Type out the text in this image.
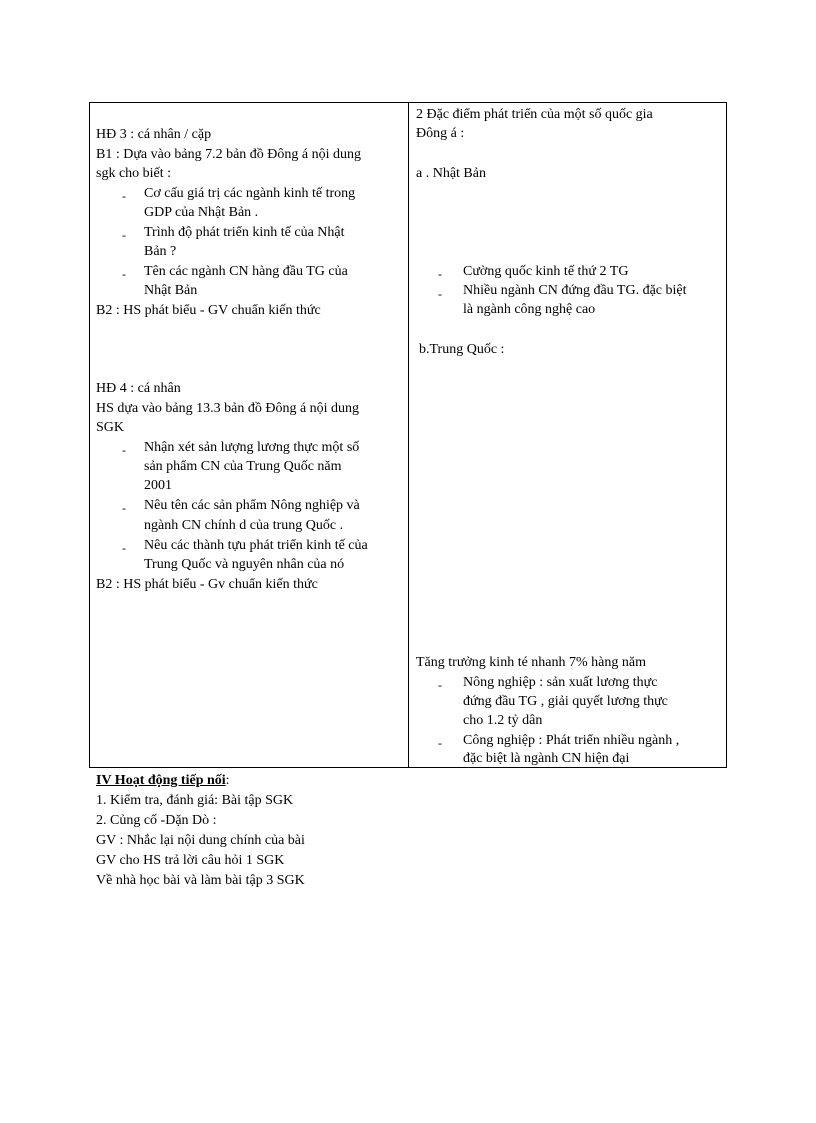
HĐ 3 : cá nhân / cặp
B1 : Dựa vào bảng 7.2 bản đồ Đông á nội dung
sgk cho biết :
- Cơ cấu giá trị các ngành kinh tế trong
GDP của Nhật Bản .
- Trình độ phát triển kinh tế của Nhật
Bản ?
- Tên các ngành CN hàng đầu TG của
Nhật Bản
B2 : HS phát biểu - GV chuẩn kiến thức
HĐ 4 : cá nhân
HS dựa vào bảng 13.3 bản đồ Đông á nội dung
SGK
- Nhận xét sản lượng lương thực một số
sản phẩm CN của Trung Quốc năm
2001
- Nêu tên các sản phẩm Nông nghiệp và
ngành CN chính d của trung Quốc .
- Nêu các thành tựu phát triển kinh tế của
Trung Quốc và nguyên nhân của nó
B2 : HS phát biểu - Gv chuẩn kiến thức
2 Đặc điểm phát triển của một số quốc gia
Đông á :
a . Nhật Bản
- Cường quốc kinh tế thứ 2 TG
- Nhiều ngành CN đứng đầu TG. đặc biệt
là ngành công nghệ cao
b.Trung Quốc :
Tăng trưởng kinh té nhanh 7% hàng năm
- Nông nghiệp : sản xuất lương thực
đứng đầu TG , giải quyết lương thực
cho 1.2 tỷ dân
- Công nghiệp : Phát triển nhiều ngành ,
đặc biệt là ngành CN hiện đại
IV Hoạt động tiếp nối:
1. Kiểm tra, đánh giá: Bài tập SGK
2. Củng cố -Dặn Dò :
GV : Nhắc lại nội dung chính của bài
GV cho HS trả lời câu hỏi 1 SGK
Về nhà học bài và làm bài tập 3 SGK
